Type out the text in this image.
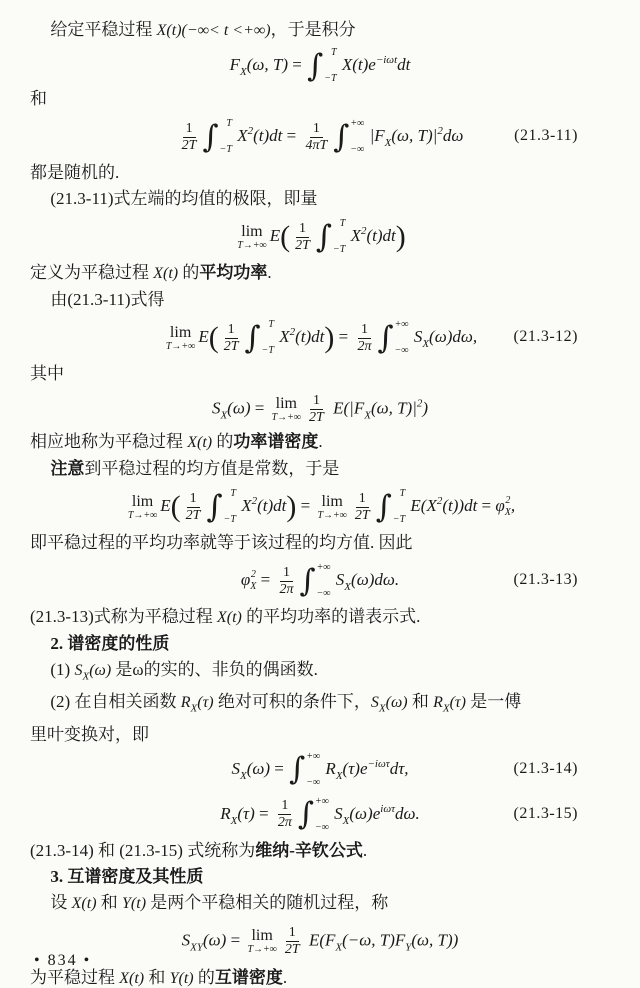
给定平稳过程 X(t)(−∞< t <+∞)，于是积分

$F_X(\omega$, T) = ∫ T
−T
$X(t)e^{-i\omega t}dt$

和

$\frac{1}{2T}$ ∫ T
−T
$X^2(t)dt = \frac{1}{4\pi T}$ ∫ +∞
−∞
$|F_X(\omega$, $T)|^2d\omega$	(21.3-11)

都是随机的.

(21.3-11)式左端的均值的极限，即量

lim
T→+∞
$E( \frac{1}{2T}$ ∫ T
−T
$X^2(t)dt$)

定义为平稳过程 X(t) 的平均功率.

由(21.3-11)式得

lim
T→+∞
$E( \frac{1}{2T}$ ∫ T
−T
$X^2(t)dt) = \frac{1}{2\pi}$ ∫ +∞
−∞
$S_X(\omega)d\omega$, (21.3-12)

其中

$S_X(\omega) = \lim$
$T\to+\infty \frac{1}{2T} E(|F_X(\omega$, $T)|^2$)

相应地称为平稳过程 X(t) 的功率谱密度.

注意到平稳过程的均方值是常数，于是

lim
T→+∞
$E( \frac{1}{2T}$ ∫ T
−T
$X^2(t)dt) = \lim$
$T\to+\infty \frac{1}{2T}$ ∫ T
−T
$E(X^2(t))dt = \varphi$ 2
X ,

即平稳过程的平均功率就等于该过程的均方值. 因此

φ 2
$X = \frac{1}{2\pi}$ ∫ +∞
−∞
$S_X(\omega)d\omega$.	(21.3-13)

(21.3-13)式称为平稳过程 X(t) 的平均功率的谱表示式.

2. 谱密度的性质

(1) $S_X(\omega)$ 是ω的实的、非负的偶函数.

(2) 在自相关函数 $R_X(\tau)$ 绝对可积的条件下，$S_X(\omega)$ 和 $R_X(\tau)$ 是一傅

里叶变换对，即

$S_X(\omega)$ = ∫ +∞
−∞
$R_X(\tau)e^{-i\omega\tau}d\tau$,	(21.3-14)
$R_X(\tau) = \frac{1}{2\pi}$ ∫ +∞
−∞
$S_X(\omega)e^{i\omega\tau}d\omega$.	(21.3-15)

(21.3-14) 和 (21.3-15) 式统称为维纳-辛钦公式.

3. 互谱密度及其性质

设 X(t) 和 Y(t) 是两个平稳相关的随机过程，称

$S_{XY}(\omega) = \lim$
$T\to+\infty \frac{1}{2T} E(F_X(-\omega$, $T)F_Y(\omega$, T))

为平稳过程 X(t) 和 Y(t) 的互谱密度.

• 834 •
